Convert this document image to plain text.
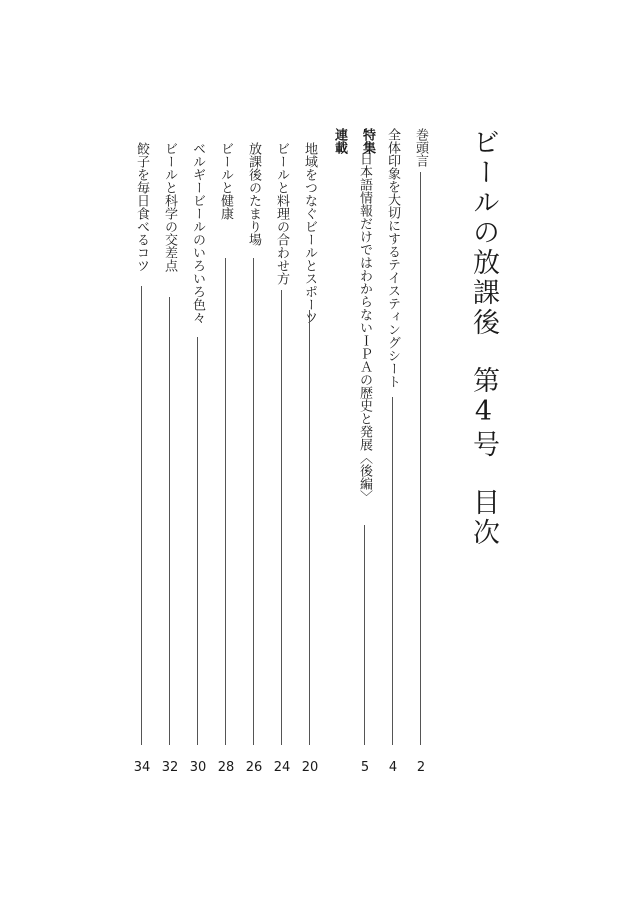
ビールの放課後第4号目次
特集
連載	巻頭言
2
全体印象を大切にするテイスティングシート
4
日本語情報だけではわからないＩＰＡの歴史と発展〈後編〉
5
地域をつなぐビールとスポーツ
20
ビールと料理の合わせ方
24
放課後のたまり場
26
ビールと健康
28
ベルギービールのいろいろ色々
30
ビールと科学の交差点
32
餃子を毎日食べるコツ
34
